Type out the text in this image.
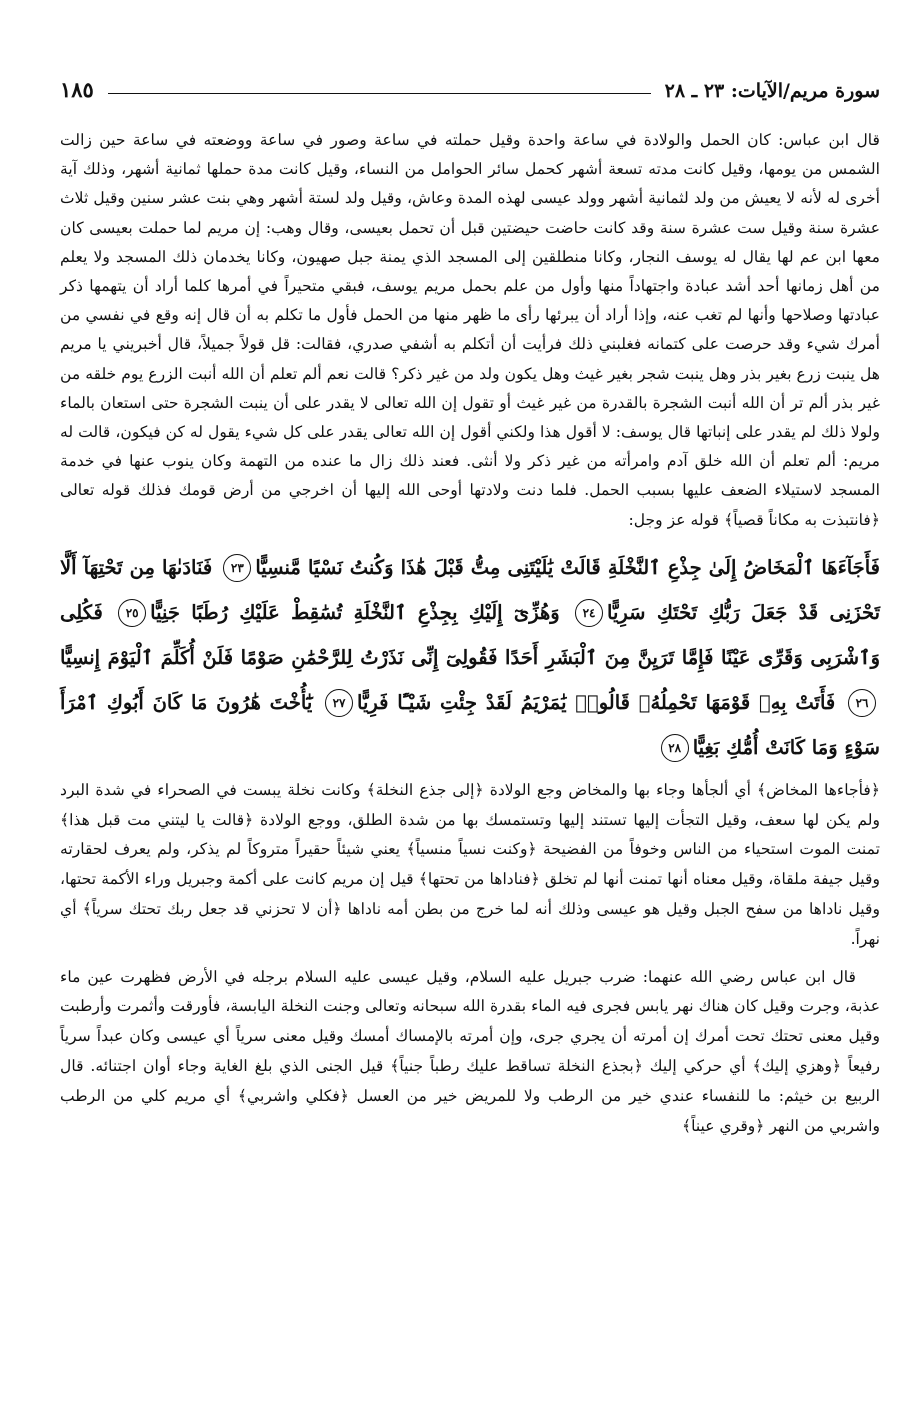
سورة مريم/الآيات: ٢٣ ـ ٢٨
١٨٥

قال ابن عباس: كان الحمل والولادة في ساعة واحدة وقيل حملته في ساعة وصور في ساعة ووضعته في ساعة حين زالت الشمس من يومها، وقيل كانت مدته تسعة أشهر كحمل سائر الحوامل من النساء، وقيل كانت مدة حملها ثمانية أشهر، وذلك آية أخرى له لأنه لا يعيش من ولد لثمانية أشهر وولد عيسى لهذه المدة وعاش، وقيل ولد لستة أشهر وهي بنت عشر سنين وقيل ثلاث عشرة سنة وقيل ست عشرة سنة وقد كانت حاضت حيضتين قبل أن تحمل بعيسى، وقال وهب: إن مريم لما حملت بعيسى كان معها ابن عم لها يقال له يوسف النجار، وكانا منطلقين إلى المسجد الذي يمنة جبل صهيون، وكانا يخدمان ذلك المسجد ولا يعلم من أهل زمانها أحد أشد عبادة واجتهاداً منها وأول من علم بحمل مريم يوسف، فبقي متحيراً في أمرها كلما أراد أن يتهمها ذكر عبادتها وصلاحها وأنها لم تغب عنه، وإذا أراد أن يبرئها رأى ما ظهر منها من الحمل فأول ما تكلم به أن قال إنه وقع في نفسي من أمرك شيء وقد حرصت على كتمانه فغلبني ذلك فرأيت أن أتكلم به أشفي صدري، فقالت: قل قولاً جميلاً، قال أخبريني يا مريم هل ينبت زرع بغير بذر وهل ينبت شجر بغير غيث وهل يكون ولد من غير ذكر؟ قالت نعم ألم تعلم أن الله أنبت الزرع يوم خلقه من غير بذر ألم تر أن الله أنبت الشجرة بالقدرة من غير غيث أو تقول إن الله تعالى لا يقدر على أن ينبت الشجرة حتى استعان بالماء ولولا ذلك لم يقدر على إنباتها قال يوسف: لا أقول هذا ولكني أقول إن الله تعالى يقدر على كل شيء يقول له كن فيكون، قالت له مريم: ألم تعلم أن الله خلق آدم وامرأته من غير ذكر ولا أنثى. فعند ذلك زال ما عنده من التهمة وكان ينوب عنها في خدمة المسجد لاستيلاء الضعف عليها بسبب الحمل. فلما دنت ولادتها أوحى الله إليها أن اخرجي من أرض قومك فذلك قوله تعالى ﴿فانتبذت به مكاناً قصياً﴾ قوله عز وجل:

فَأَجَآءَهَا ٱلْمَخَاضُ إِلَىٰ جِذْعِ ٱلنَّخْلَةِ قَالَتْ يَٰلَيْتَنِى مِتُّ قَبْلَ هَٰذَا وَكُنتُ نَسْيًا مَّنسِيًّا٢٣ فَنَادَىٰهَا مِن تَحْتِهَآ أَلَّا تَحْزَنِى قَدْ جَعَلَ رَبُّكِ تَحْتَكِ سَرِيًّا٢٤ وَهُزِّىٓ إِلَيْكِ بِجِذْعِ ٱلنَّخْلَةِ تُسَٰقِطْ عَلَيْكِ رُطَبًا جَنِيًّا٢٥ فَكُلِى وَٱشْرَبِى وَقَرِّى عَيْنًا فَإِمَّا تَرَيِنَّ مِنَ ٱلْبَشَرِ أَحَدًا فَقُولِىٓ إِنِّى نَذَرْتُ لِلرَّحْمَٰنِ صَوْمًا فَلَنْ أُكَلِّمَ ٱلْيَوْمَ إِنسِيًّا٢٦ فَأَتَتْ بِهِۦ قَوْمَهَا تَحْمِلُهُۥ قَالُوا۟ يَٰمَرْيَمُ لَقَدْ جِئْتِ شَيْـًٔا فَرِيًّا٢٧ يَٰٓأُخْتَ هَٰرُونَ مَا كَانَ أَبُوكِ ٱمْرَأَ سَوْءٍ وَمَا كَانَتْ أُمُّكِ بَغِيًّا٢٨

﴿فأجاءها المخاض﴾ أي ألجأها وجاء بها والمخاض وجع الولادة ﴿إلى جذع النخلة﴾ وكانت نخلة يبست في الصحراء في شدة البرد ولم يكن لها سعف، وقيل التجأت إليها تستند إليها وتستمسك بها من شدة الطلق، ووجع الولادة ﴿قالت يا ليتني مت قبل هذا﴾ تمنت الموت استحياء من الناس وخوفاً من الفضيحة ﴿وكنت نسياً منسياً﴾ يعني شيئاً حقيراً متروكاً لم يذكر، ولم يعرف لحقارته وقيل جيفة ملقاة، وقيل معناه أنها تمنت أنها لم تخلق ﴿فناداها من تحتها﴾ قيل إن مريم كانت على أكمة وجبريل وراء الأكمة تحتها، وقيل ناداها من سفح الجبل وقيل هو عيسى وذلك أنه لما خرج من بطن أمه ناداها ﴿أن لا تحزني قد جعل ربك تحتك سرياً﴾ أي نهراً.

قال ابن عباس رضي الله عنهما: ضرب جبريل عليه السلام، وقيل عيسى عليه السلام برجله في الأرض فظهرت عين ماء عذبة، وجرت وقيل كان هناك نهر يابس فجرى فيه الماء بقدرة الله سبحانه وتعالى وجنت النخلة اليابسة، فأورقت وأثمرت وأرطبت وقيل معنى تحتك تحت أمرك إن أمرته أن يجري جرى، وإن أمرته بالإمساك أمسك وقيل معنى سرياً أي عيسى وكان عبداً سرياً رفيعاً ﴿وهزي إليك﴾ أي حركي إليك ﴿بجذع النخلة تساقط عليك رطباً جنياً﴾ قيل الجنى الذي بلغ الغاية وجاء أوان اجتنائه. قال الربيع بن خيثم: ما للنفساء عندي خير من الرطب ولا للمريض خير من العسل ﴿فكلي واشربي﴾ أي مريم كلي من الرطب واشربي من النهر ﴿وقري عيناً﴾
